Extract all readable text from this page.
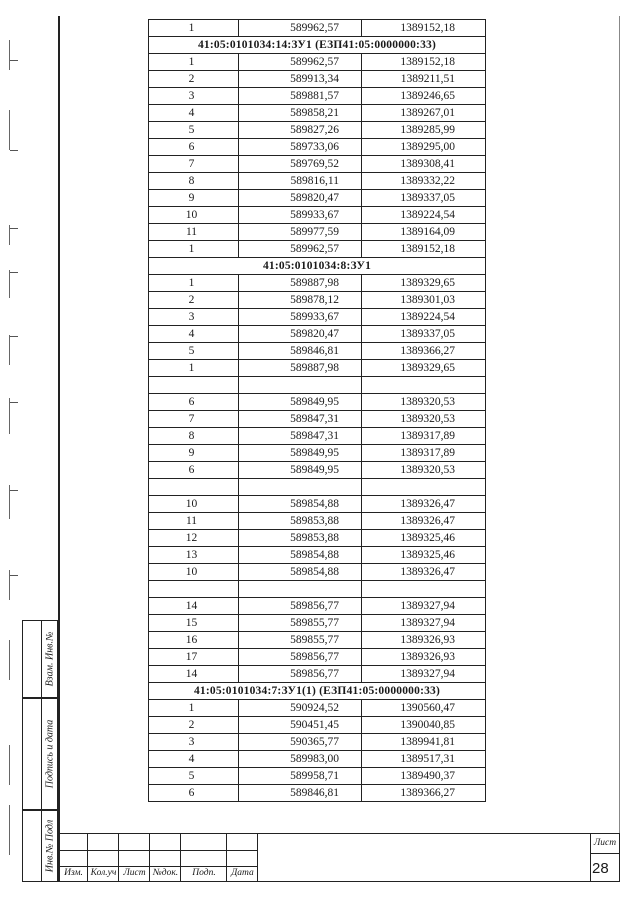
1	589962,57	1389152,18
41:05:0101034:14:ЗУ1 (ЕЗП41:05:0000000:33)		
1	589962,57	1389152,18
2	589913,34	1389211,51
3	589881,57	1389246,65
4	589858,21	1389267,01
5	589827,26	1389285,99
6	589733,06	1389295,00
7	589769,52	1389308,41
8	589816,11	1389332,22
9	589820,47	1389337,05
10	589933,67	1389224,54
11	589977,59	1389164,09
1	589962,57	1389152,18
41:05:0101034:8:ЗУ1		
1	589887,98	1389329,65
2	589878,12	1389301,03
3	589933,67	1389224,54
4	589820,47	1389337,05
5	589846,81	1389366,27
1	589887,98	1389329,65

6	589849,95	1389320,53
7	589847,31	1389320,53
8	589847,31	1389317,89
9	589849,95	1389317,89
6	589849,95	1389320,53

10	589854,88	1389326,47
11	589853,88	1389326,47
12	589853,88	1389325,46
13	589854,88	1389325,46
10	589854,88	1389326,47

14	589856,77	1389327,94
15	589855,77	1389327,94
16	589855,77	1389326,93
17	589856,77	1389326,93
14	589856,77	1389327,94
41:05:0101034:7:ЗУ1(1) (ЕЗП41:05:0000000:33)		
1	590924,52	1390560,47
2	590451,45	1390040,85
3	590365,77	1389941,81
4	589983,00	1389517,31
5	589958,71	1389490,37
6	589846,81	1389366,27
Взам. Инв.№
Подпись и дата
Инв.№ Подл
Изм. Кол.уч Лист №док.	Подп.	Дата
Лист
28
